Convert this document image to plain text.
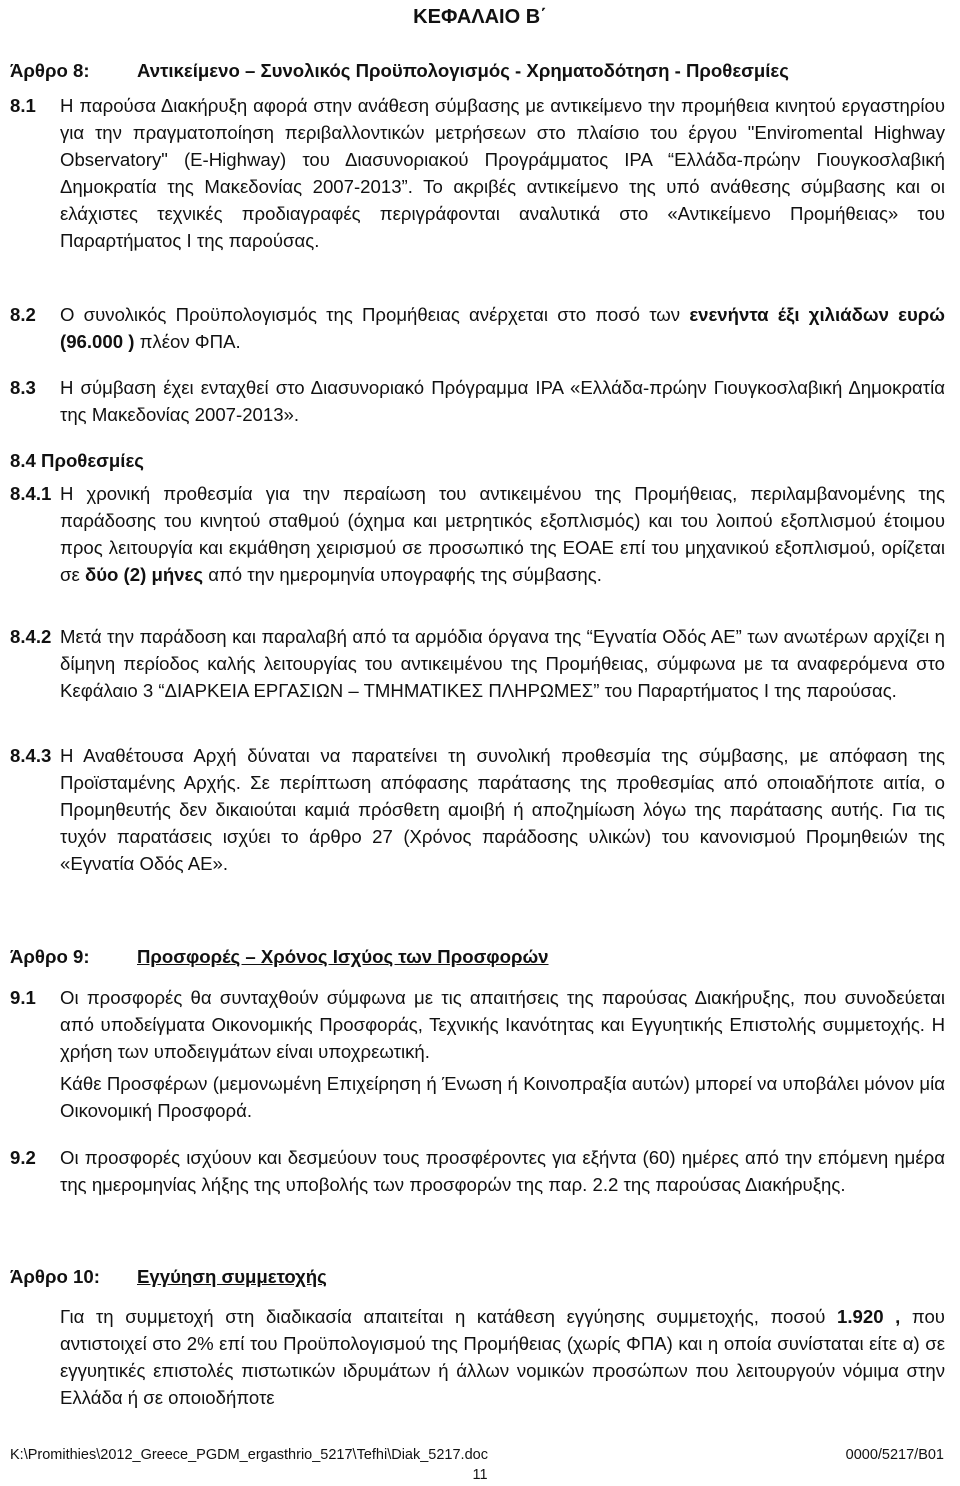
ΚΕΦΑΛΑΙΟ Β΄
Άρθρο 8:	Αντικείμενο – Συνολικός Προϋπολογισμός - Χρηματοδότηση - Προθεσμίες
8.1 Η παρούσα Διακήρυξη αφορά στην ανάθεση σύμβασης με αντικείμενο την προμήθεια κινητού εργαστηρίου για την πραγματοποίηση περιβαλλοντικών μετρήσεων στο πλαίσιο του έργου "Enviromental Highway Observatory" (E-Highway) του Διασυνοριακού Προγράμματος IPA “Ελλάδα-πρώην Γιουγκοσλαβική Δημοκρατία της Μακεδονίας 2007-2013”. Το ακριβές αντικείμενο της υπό ανάθεσης σύμβασης και οι ελάχιστες τεχνικές προδιαγραφές περιγράφονται αναλυτικά στο «Αντικείμενο Προμήθειας» του Παραρτήματος I της παρούσας.
8.2 Ο συνολικός Προϋπολογισμός της Προμήθειας ανέρχεται στο ποσό των ενενήντα έξι χιλιάδων ευρώ (96.000 ) πλέον ΦΠΑ.
8.3 Η σύμβαση έχει ενταχθεί στο Διασυνοριακό Πρόγραμμα IPA «Ελλάδα-πρώην Γιουγκοσλαβική Δημοκρατία της Μακεδονίας 2007-2013».
8.4 Προθεσμίες
8.4.1 Η χρονική προθεσμία για την περαίωση του αντικειμένου της Προμήθειας, περιλαμβανομένης της παράδοσης του κινητού σταθμού (όχημα και μετρητικός εξοπλισμός) και του λοιπού εξοπλισμού έτοιμου προς λειτουργία και εκμάθηση χειρισμού σε προσωπικό της ΕΟΑΕ επί του μηχανικού εξοπλισμού, ορίζεται σε δύο (2) μήνες από την ημερομηνία υπογραφής της σύμβασης.
8.4.2 Μετά την παράδοση και παραλαβή από τα αρμόδια όργανα της “Εγνατία Οδός ΑΕ” των ανωτέρων αρχίζει η δίμηνη περίοδος καλής λειτουργίας του αντικειμένου της Προμήθειας, σύμφωνα με τα αναφερόμενα στο Κεφάλαιο 3 “ΔΙΑΡΚΕΙΑ ΕΡΓΑΣΙΩΝ – ΤΜΗΜΑΤΙΚΕΣ ΠΛΗΡΩΜΕΣ” του Παραρτήματος I της παρούσας.
8.4.3 Η Αναθέτουσα Αρχή δύναται να παρατείνει τη συνολική προθεσμία της σύμβασης, με απόφαση της Προϊσταμένης Αρχής. Σε περίπτωση απόφασης παράτασης της προθεσμίας από οποιαδήποτε αιτία, ο Προμηθευτής δεν δικαιούται καμιά πρόσθετη αμοιβή ή αποζημίωση λόγω της παράτασης αυτής. Για τις τυχόν παρατάσεις ισχύει το άρθρο 27 (Χρόνος παράδοσης υλικών) του κανονισμού Προμηθειών της «Εγνατία Οδός ΑΕ».
Άρθρο 9:	Προσφορές – Χρόνος Ισχύος των Προσφορών
9.1 Οι προσφορές θα συνταχθούν σύμφωνα με τις απαιτήσεις της παρούσας Διακήρυξης, που συνοδεύεται από υποδείγματα Οικονομικής Προσφοράς, Τεχνικής Ικανότητας και Εγγυητικής Επιστολής συμμετοχής. Η χρήση των υποδειγμάτων είναι υποχρεωτική.
Κάθε Προσφέρων (μεμονωμένη Επιχείρηση ή Ένωση ή Κοινοπραξία αυτών) μπορεί να υποβάλει μόνον μία Οικονομική Προσφορά.
9.2 Οι προσφορές ισχύουν και δεσμεύουν τους προσφέροντες για εξήντα (60) ημέρες από την επόμενη ημέρα της ημερομηνίας λήξης της υποβολής των προσφορών της παρ. 2.2 της παρούσας Διακήρυξης.
Άρθρο 10: Εγγύηση συμμετοχής
Για τη συμμετοχή στη διαδικασία απαιτείται η κατάθεση εγγύησης συμμετοχής, ποσού 1.920 , που αντιστοιχεί στο 2% επί του Προϋπολογισμού της Προμήθειας (χωρίς ΦΠΑ) και η οποία συνίσταται είτε α) σε εγγυητικές επιστολές πιστωτικών ιδρυμάτων ή άλλων νομικών προσώπων που λειτουργούν νόμιμα στην Ελλάδα ή σε οποιοδήποτε
K:\Promithies\2012_Greece_PGDM_ergasthrio_5217\Tefhi\Diak_5217.doc	0000/5217/B01
11
